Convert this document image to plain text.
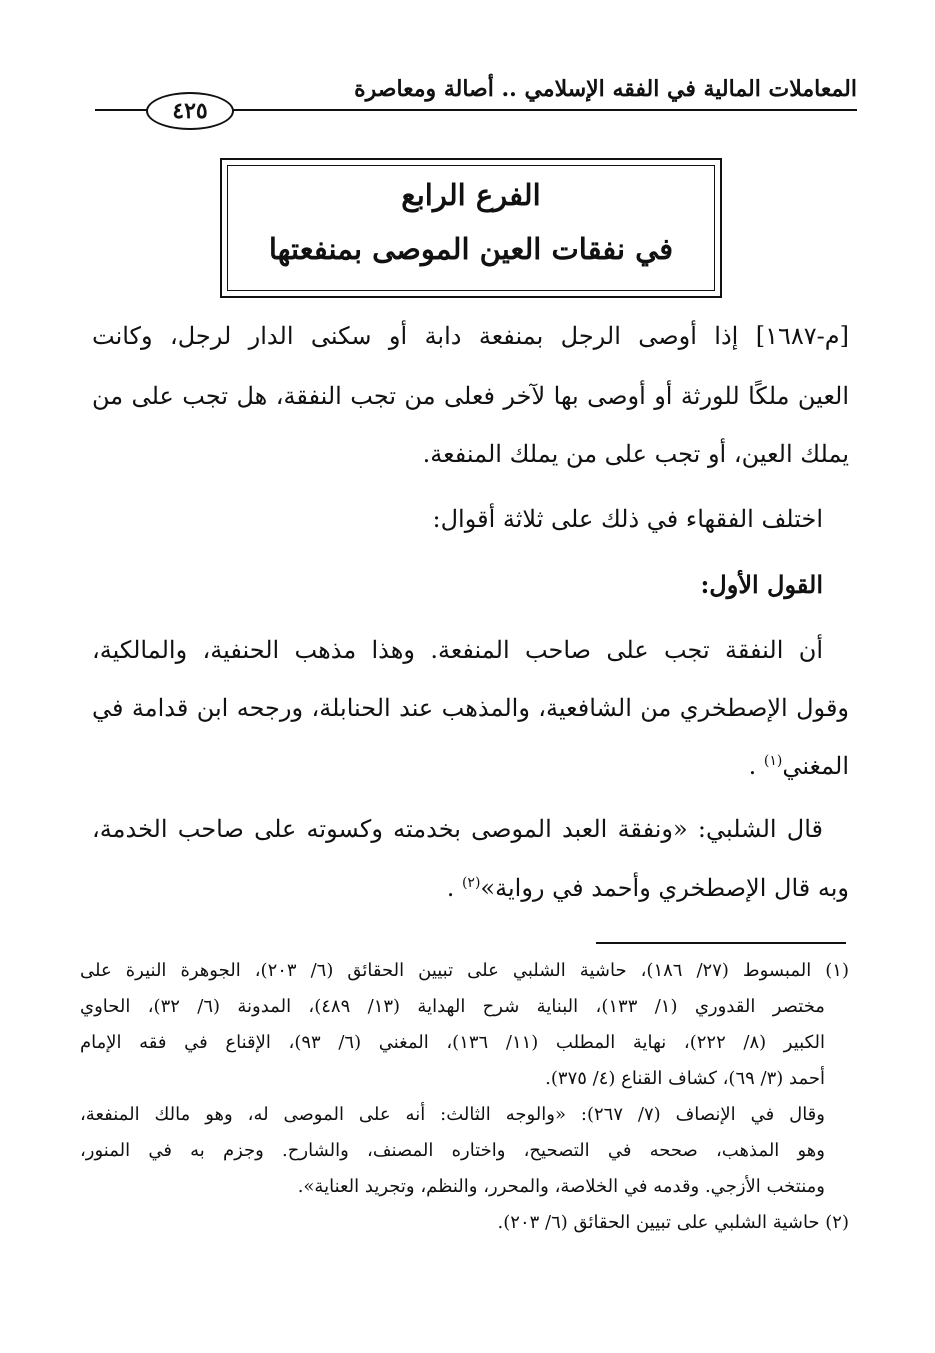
المعاملات المالية في الفقه الإسلامي .. أصالة ومعاصرة
٤٢٥
الفرع الرابع
في نفقات العين الموصى بمنفعتها
[م-١٦٨٧] إذا أوصى الرجل بمنفعة دابة أو سكنى الدار لرجل، وكانت
العين ملكًا للورثة أو أوصى بها لآخر فعلى من تجب النفقة، هل تجب على من
يملك العين، أو تجب على من يملك المنفعة.
اختلف الفقهاء في ذلك على ثلاثة أقوال:
القول الأول:
أن النفقة تجب على صاحب المنفعة. وهذا مذهب الحنفية، والمالكية،
وقول الإصطخري من الشافعية، والمذهب عند الحنابلة، ورجحه ابن قدامة في
المغني$^{(١)}$ .
قال الشلبي: «ونفقة العبد الموصى بخدمته وكسوته على صاحب الخدمة،
وبه قال الإصطخري وأحمد في رواية»$^{(٢)}$ .
(١) المبسوط (٢٧/ ١٨٦)، حاشية الشلبي على تبيين الحقائق (٦/ ٢٠٣)، الجوهرة النيرة على
مختصر القدوري (١/ ١٣٣)، البناية شرح الهداية (١٣/ ٤٨٩)، المدونة (٦/ ٣٢)، الحاوي
الكبير (٨/ ٢٢٢)، نهاية المطلب (١١/ ١٣٦)، المغني (٦/ ٩٣)، الإقناع في فقه الإمام
أحمد (٣/ ٦٩)، كشاف القناع (٤/ ٣٧٥).
وقال في الإنصاف (٧/ ٢٦٧): «والوجه الثالث: أنه على الموصى له، وهو مالك المنفعة،
وهو المذهب، صححه في التصحيح، واختاره المصنف، والشارح. وجزم به في المنور،
ومنتخب الأزجي. وقدمه في الخلاصة، والمحرر، والنظم، وتجريد العناية».
(٢) حاشية الشلبي على تبيين الحقائق (٦/ ٢٠٣).
